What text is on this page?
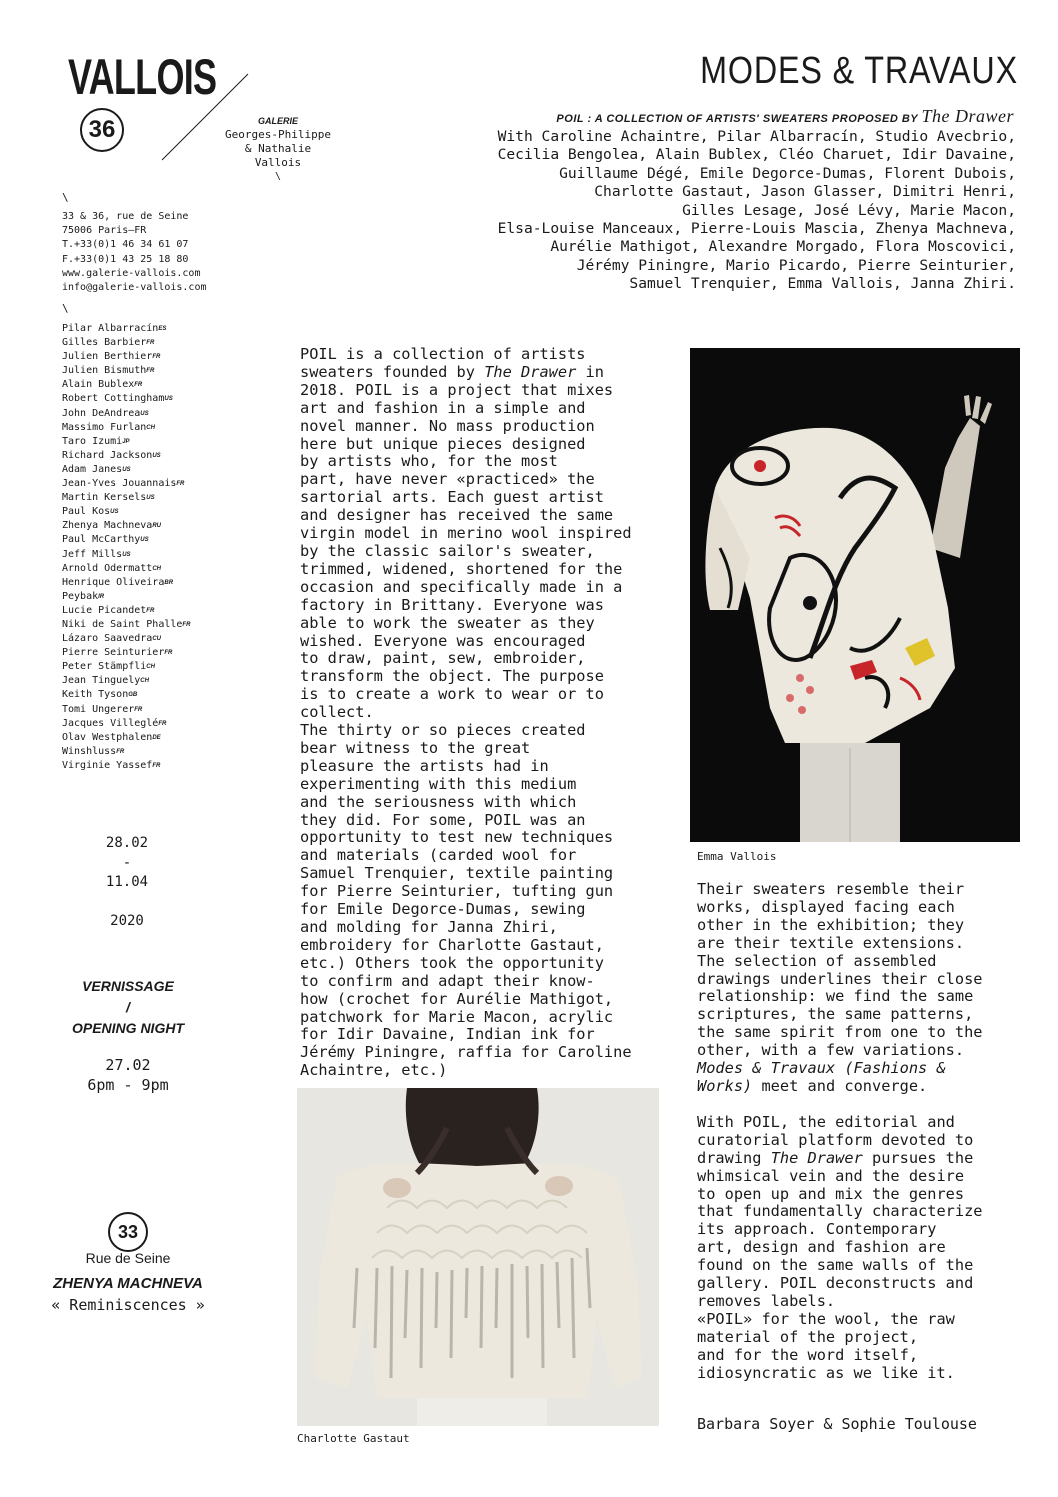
VALLOIS
36	GALERIE
Georges-Philippe
& Nathalie
Vallois
\
MODES & TRAVAUX
POIL : A COLLECTION OF ARTISTS' SWEATERS PROPOSED BY The Drawer
With Caroline Achaintre, Pilar Albarracín, Studio Avecbrio,
Cecilia Bengolea, Alain Bublex, Cléo Charuet, Idir Davaine,
Guillaume Dégé, Emile Degorce-Dumas, Florent Dubois,
Charlotte Gastaut, Jason Glasser, Dimitri Henri,
Gilles Lesage, José Lévy, Marie Macon,
Elsa-Louise Manceaux, Pierre-Louis Mascia, Zhenya Machneva,
Aurélie Mathigot, Alexandre Morgado, Flora Moscovici,
Jérémy Piningre, Mario Picardo, Pierre Seinturier,
Samuel Trenquier, Emma Vallois, Janna Zhiri.
\
33 & 36, rue de Seine
75006 Paris—FR
T.+33(0)1 46 34 61 07
F.+33(0)1 43 25 18 80
www.galerie-vallois.com
info@galerie-vallois.com
\
Pilar Albarracín$^{ES}$
Gilles Barbier$^{FR}$
Julien Berthier$^{FR}$
Julien Bismuth$^{FR}$
Alain Bublex$^{FR}$
Robert Cottingham$^{US}$
John DeAndrea$^{US}$
Massimo Furlan$^{CH}$
Taro Izumi$^{JP}$
Richard Jackson$^{US}$
Adam Janes$^{US}$
Jean-Yves Jouannais$^{FR}$
Martin Kersels$^{US}$
Paul Kos$^{US}$
Zhenya Machneva$^{RU}$
Paul McCarthy$^{US}$
Jeff Mills$^{US}$
Arnold Odermatt$^{CH}$
Henrique Oliveira$^{BR}$
Peybak$^{IR}$
Lucie Picandet$^{FR}$
Niki de Saint Phalle$^{FR}$
Lázaro Saavedra$^{CU}$
Pierre Seinturier$^{FR}$
Peter Stämpfli$^{CH}$
Jean Tinguely$^{CH}$
Keith Tyson$^{GB}$
Tomi Ungerer$^{FR}$
Jacques Villeglé$^{FR}$
Olav Westphalen$^{DE}$
Winshluss$^{FR}$
Virginie Yassef$^{FR}$
28.02
-
11.04
2020
VERNISSAGE
/
OPENING NIGHT
27.02
6pm - 9pm
33
Rue de Seine
ZHENYA MACHNEVA
« Reminiscences »

POIL is a collection of artists
sweaters founded by The Drawer in
2018. POIL is a project that mixes
art and fashion in a simple and
novel manner. No mass production
here but unique pieces designed
by artists who, for the most
part, have never «practiced» the
sartorial arts. Each guest artist
and designer has received the same
virgin model in merino wool inspired
by the classic sailor's sweater,
trimmed, widened, shortened for the
occasion and specifically made in a
factory in Brittany. Everyone was
able to work the sweater as they
wished. Everyone was encouraged
to draw, paint, sew, embroider,
transform the object. The purpose
is to create a work to wear or to
collect.

The thirty or so pieces created
bear witness to the great
pleasure the artists had in
experimenting with this medium
and the seriousness with which
they did. For some, POIL was an
opportunity to test new techniques
and materials (carded wool for
Samuel Trenquier, textile painting
for Pierre Seinturier, tufting gun
for Emile Degorce-Dumas, sewing
and molding for Janna Zhiri,
embroidery for Charlotte Gastaut,
etc.) Others took the opportunity
to confirm and adapt their know-
how (crochet for Aurélie Mathigot,
patchwork for Marie Macon, acrylic
for Idir Davaine, Indian ink for
Jérémy Piningre, raffia for Caroline
Achaintre, etc.)

Emma Vallois

Their sweaters resemble their
works, displayed facing each
other in the exhibition; they
are their textile extensions.
The selection of assembled
drawings underlines their close
relationship: we find the same
scriptures, the same patterns,
the same spirit from one to the
other, with a few variations.
Modes & Travaux (Fashions &
Works) meet and converge.

With POIL, the editorial and
curatorial platform devoted to
drawing The Drawer pursues the
whimsical vein and the desire
to open up and mix the genres
that fundamentally characterize
its approach. Contemporary
art, design and fashion are
found on the same walls of the
gallery. POIL deconstructs and
removes labels.
«POIL» for the wool, the raw
material of the project,
and for the word itself,
idiosyncratic as we like it.

Charlotte Gastaut
Barbara Soyer & Sophie Toulouse
